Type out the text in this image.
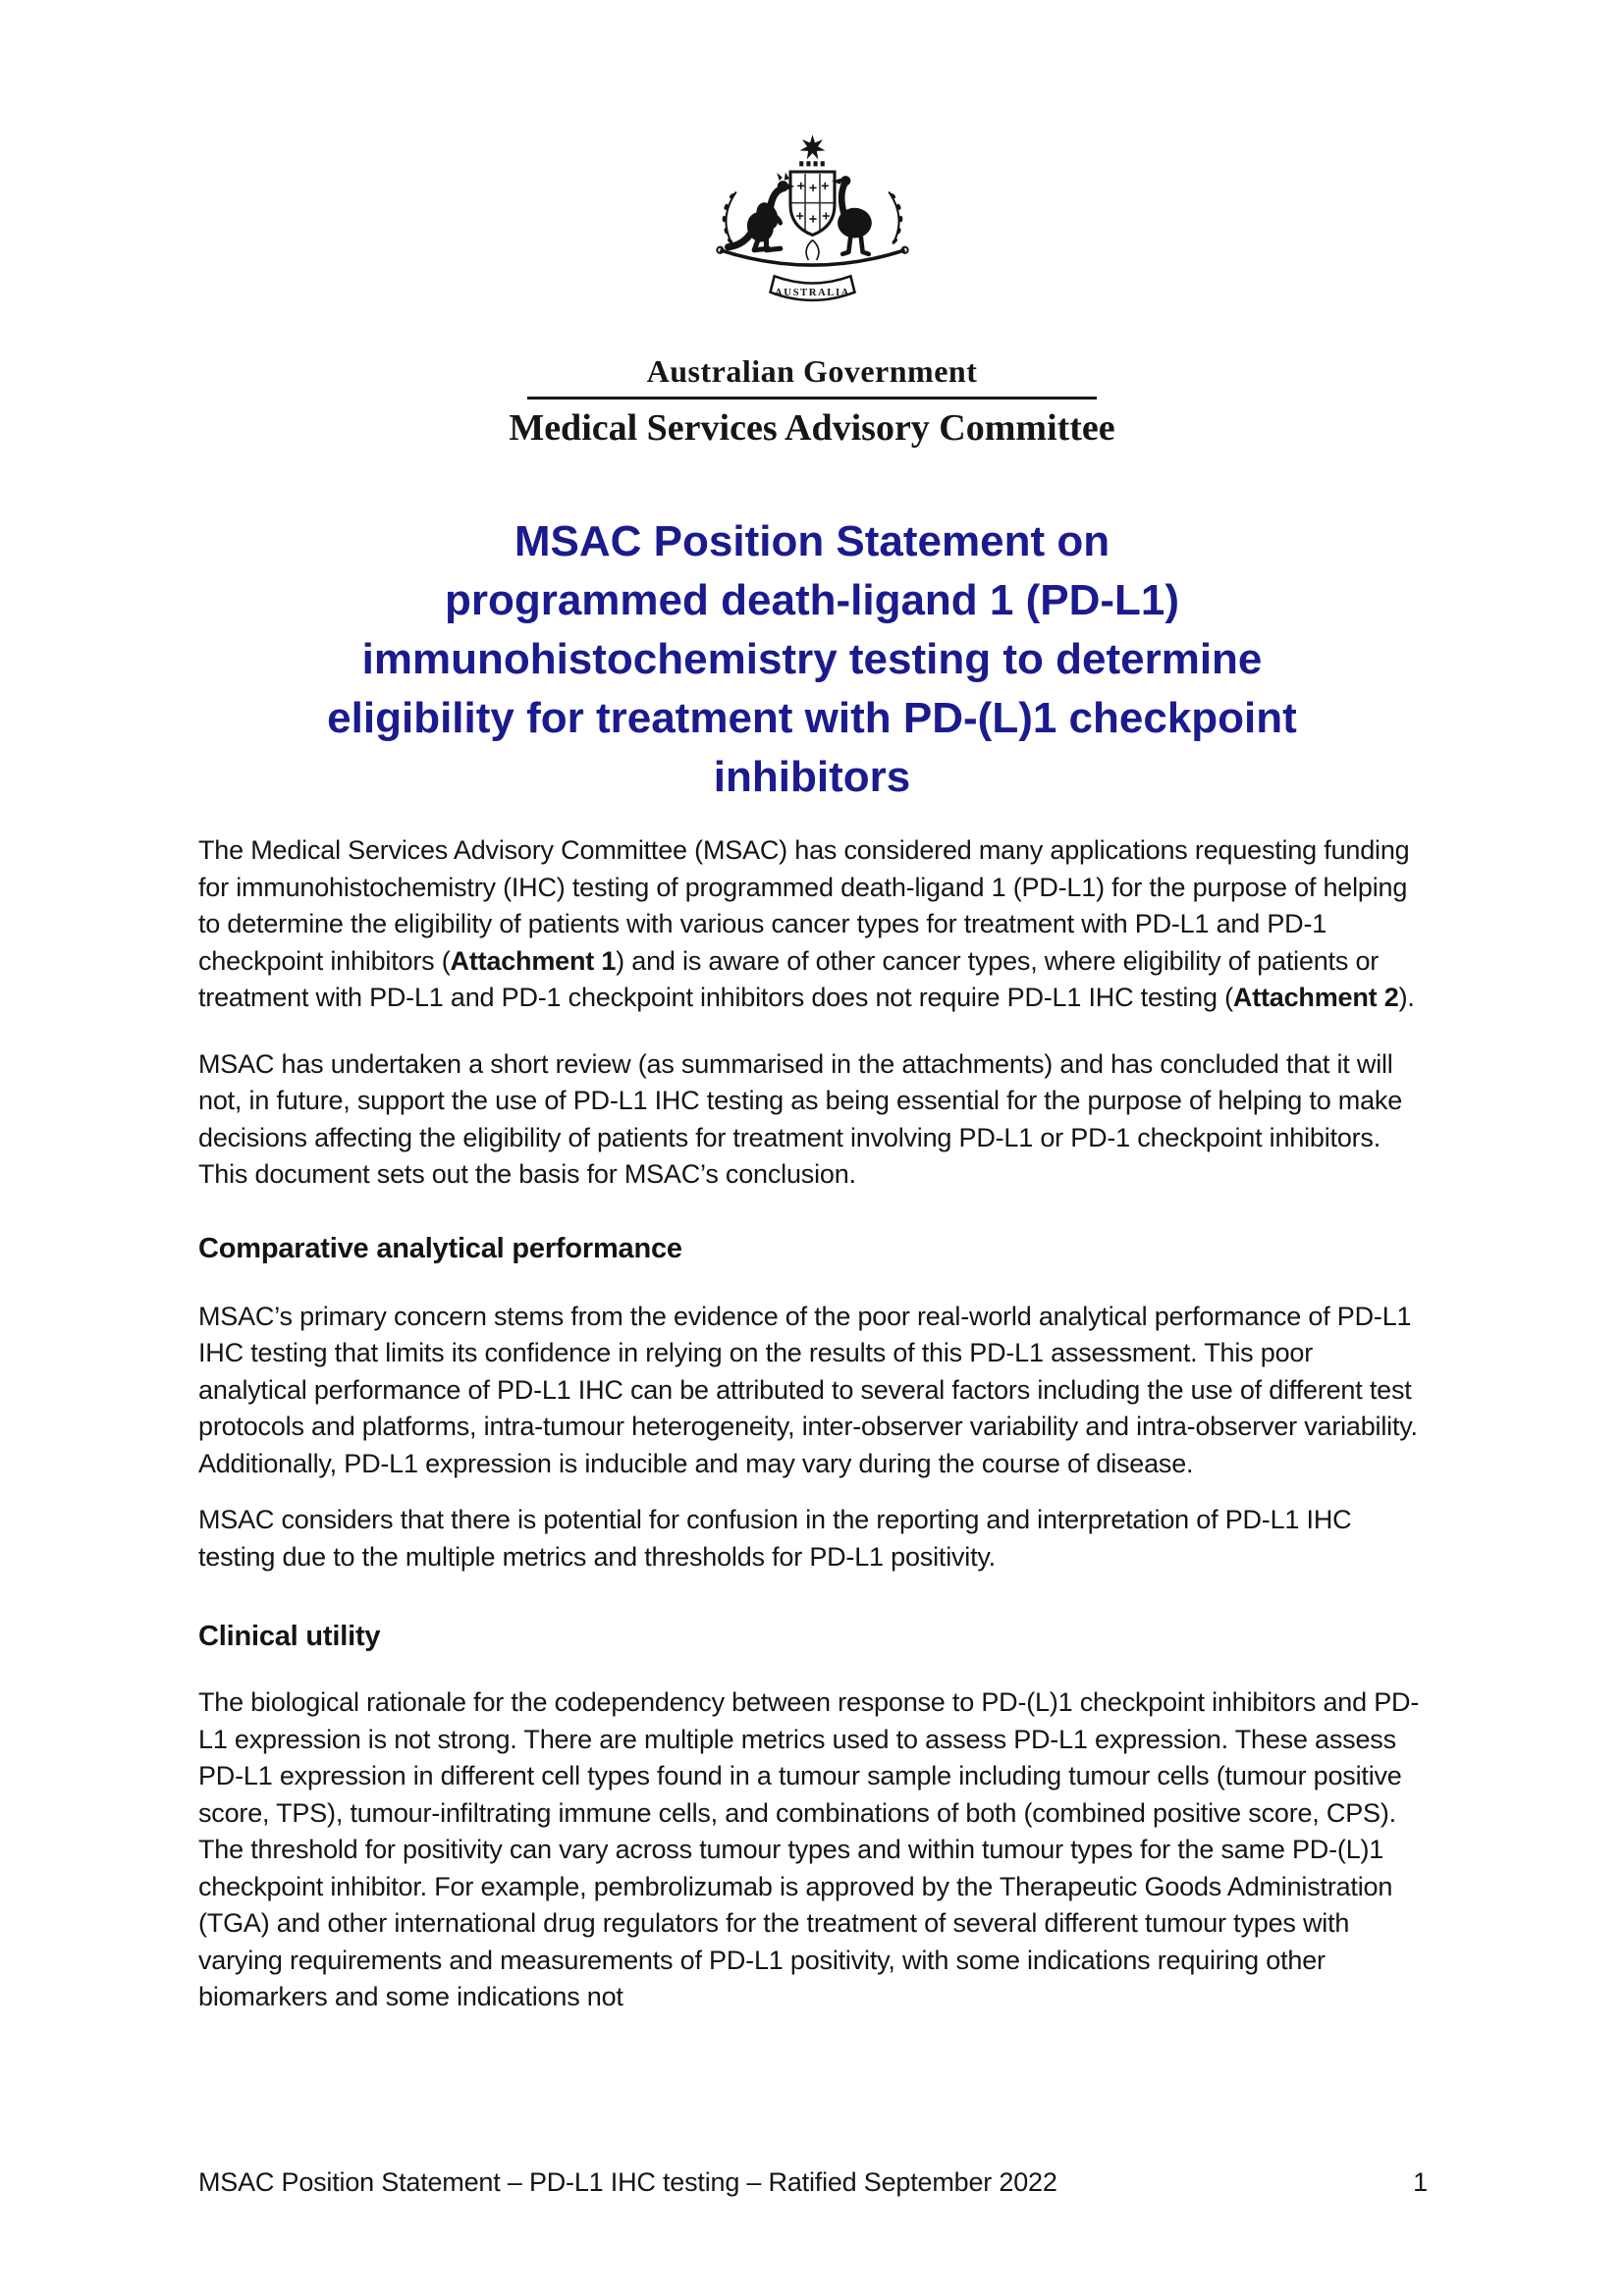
AUSTRALIA
Australian Government
Medical Services Advisory Committee
MSAC Position Statement on
programmed death-ligand 1 (PD-L1)
immunohistochemistry testing to determine
eligibility for treatment with PD-(L)1 checkpoint
inhibitors

The Medical Services Advisory Committee (MSAC) has considered many applications requesting funding for immunohistochemistry (IHC) testing of programmed death-ligand 1 (PD-L1) for the purpose of helping to determine the eligibility of patients with various cancer types for treatment with PD-L1 and PD-1 checkpoint inhibitors (Attachment 1) and is aware of other cancer types, where eligibility of patients or treatment with PD-L1 and PD-1 checkpoint inhibitors does not require PD-L1 IHC testing (Attachment 2).

MSAC has undertaken a short review (as summarised in the attachments) and has concluded that it will not, in future, support the use of PD-L1 IHC testing as being essential for the purpose of helping to make decisions affecting the eligibility of patients for treatment involving PD-L1 or PD-1 checkpoint inhibitors. This document sets out the basis for MSAC’s conclusion.

Comparative analytical performance

MSAC’s primary concern stems from the evidence of the poor real-world analytical performance of PD-L1 IHC testing that limits its confidence in relying on the results of this PD-L1 assessment. This poor analytical performance of PD-L1 IHC can be attributed to several factors including the use of different test protocols and platforms, intra-tumour heterogeneity, inter-observer variability and intra-observer variability. Additionally, PD-L1 expression is inducible and may vary during the course of disease.

MSAC considers that there is potential for confusion in the reporting and interpretation of PD-L1 IHC testing due to the multiple metrics and thresholds for PD-L1 positivity.

Clinical utility

The biological rationale for the codependency between response to PD-(L)1 checkpoint inhibitors and PD-L1 expression is not strong. There are multiple metrics used to assess PD-L1 expression. These assess PD-L1 expression in different cell types found in a tumour sample including tumour cells (tumour positive score, TPS), tumour-infiltrating immune cells, and combinations of both (combined positive score, CPS). The threshold for positivity can vary across tumour types and within tumour types for the same PD-(L)1 checkpoint inhibitor. For example, pembrolizumab is approved by the Therapeutic Goods Administration (TGA) and other international drug regulators for the treatment of several different tumour types with varying requirements and measurements of PD-L1 positivity, with some indications requiring other biomarkers and some indications not

MSAC Position Statement – PD-L1 IHC testing – Ratified September 2022	1
